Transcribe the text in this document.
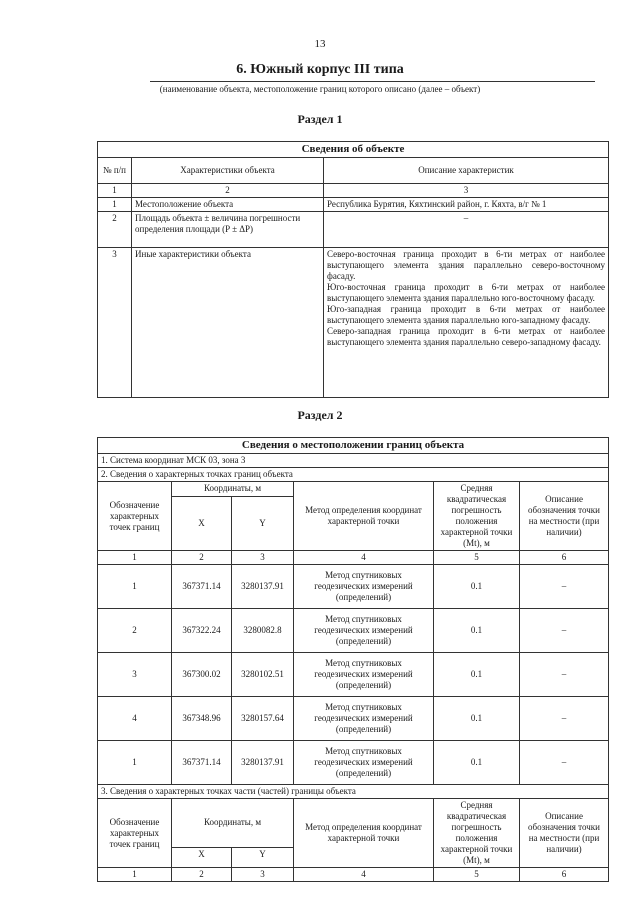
13
6. Южный корпус III типа
(наименование объекта, местоположение границ которого описано (далее – объект)
Раздел 1
Сведения об объекте		
№ п/п	Характеристики объекта	Описание характеристик
1	2	3
1	Местоположение объекта	Республика Бурятия, Кяхтинский район, г. Кяхта, в/г № 1
2	Площадь объекта ± величина погрешности определения площади (P ± ΔP)	–
3	Иные характеристики объекта	Северо-восточная граница проходит в 6-ти метрах от наиболее выступающего элемента здания параллельно северо-восточному фасаду.
Юго-восточная граница проходит в 6-ти метрах от наиболее выступающего элемента здания параллельно юго-восточному фасаду.
Юго-западная граница проходит в 6-ти метрах от наиболее выступающего элемента здания параллельно юго-западному фасаду.
Северо-западная граница проходит в 6-ти метрах от наиболее выступающего элемента здания параллельно северо-западному фасаду.
Раздел 2
Сведения о местоположении границ объекта					
1. Система координат МСК 03, зона 3					
2. Сведения о характерных точках границ объекта					
Обозначение характерных точек границ	Координаты, м		Метод определения координат характерной точки	Средняя квадратическая погрешность положения характерной точки (Mt), м	Описание обозначения точки на местности (при наличии)
	X	Y			
1	2	3	4	5	6
1	367371.14	3280137.91	Метод спутниковых геодезических измерений (определений)	0.1	–
2	367322.24	3280082.8	Метод спутниковых геодезических измерений (определений)	0.1	–
3	367300.02	3280102.51	Метод спутниковых геодезических измерений (определений)	0.1	–
4	367348.96	3280157.64	Метод спутниковых геодезических измерений (определений)	0.1	–
1	367371.14	3280137.91	Метод спутниковых геодезических измерений (определений)	0.1	–
3. Сведения о характерных точках части (частей) границы объекта					
Обозначение характерных точек границ	Координаты, м		Метод определения координат характерной точки	Средняя квадратическая погрешность положения характерной точки (Mt), м	Описание обозначения точки на местности (при наличии)
	X	Y			
1	2	3	4	5	6
